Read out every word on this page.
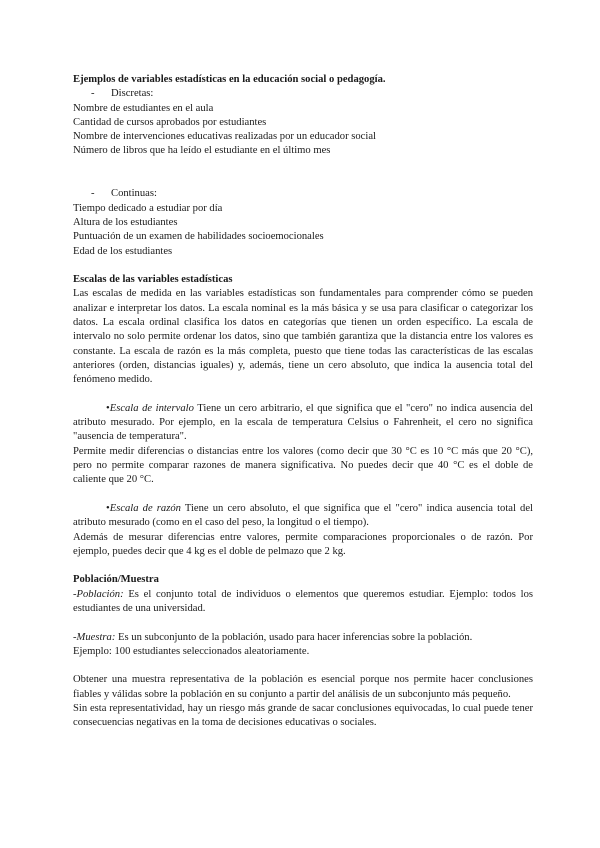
Ejemplos de variables estadísticas en la educación social o pedagogía.

- Discretas:

Nombre de estudiantes en el aula

Cantidad de cursos aprobados por estudiantes

Nombre de intervenciones educativas realizadas por un educador social

Número de libros que ha leído el estudiante en el último mes

- Continuas:

Tiempo dedicado a estudiar por día

Altura de los estudiantes

Puntuación de un examen de habilidades socioemocionales

Edad de los estudiantes

Escalas de las variables estadísticas

Las escalas de medida en las variables estadísticas son fundamentales para comprender cómo se pueden analizar e interpretar los datos. La escala nominal es la más básica y se usa para clasificar o categorizar los datos. La escala ordinal clasifica los datos en categorías que tienen un orden específico. La escala de intervalo no solo permite ordenar los datos, sino que también garantiza que la distancia entre los valores es constante. La escala de razón es la más completa, puesto que tiene todas las características de las escalas anteriores (orden, distancias iguales) y, además, tiene un cero absoluto, que indica la ausencia total del fenómeno medido.

•Escala de intervalo Tiene un cero arbitrario, el que significa que el "cero" no indica ausencia del atributo mesurado. Por ejemplo, en la escala de temperatura Celsius o Fahrenheit, el cero no significa "ausencia de temperatura".

Permite medir diferencias o distancias entre los valores (como decir que 30 °C es 10 °C más que 20 °C), pero no permite comparar razones de manera significativa. No puedes decir que 40 °C es el doble de caliente que 20 °C.

•Escala de razón Tiene un cero absoluto, el que significa que el "cero" indica ausencia total del atributo mesurado (como en el caso del peso, la longitud o el tiempo).

Además de mesurar diferencias entre valores, permite comparaciones proporcionales o de razón. Por ejemplo, puedes decir que 4 kg es el doble de pelmazo que 2 kg.

Población/Muestra

-Población: Es el conjunto total de individuos o elementos que queremos estudiar. Ejemplo: todos los estudiantes de una universidad.

-Muestra: Es un subconjunto de la población, usado para hacer inferencias sobre la población.

Ejemplo: 100 estudiantes seleccionados aleatoriamente.

Obtener una muestra representativa de la población es esencial porque nos permite hacer conclusiones fiables y válidas sobre la población en su conjunto a partir del análisis de un subconjunto más pequeño.

Sin esta representatividad, hay un riesgo más grande de sacar conclusiones equivocadas, lo cual puede tener consecuencias negativas en la toma de decisiones educativas o sociales.
